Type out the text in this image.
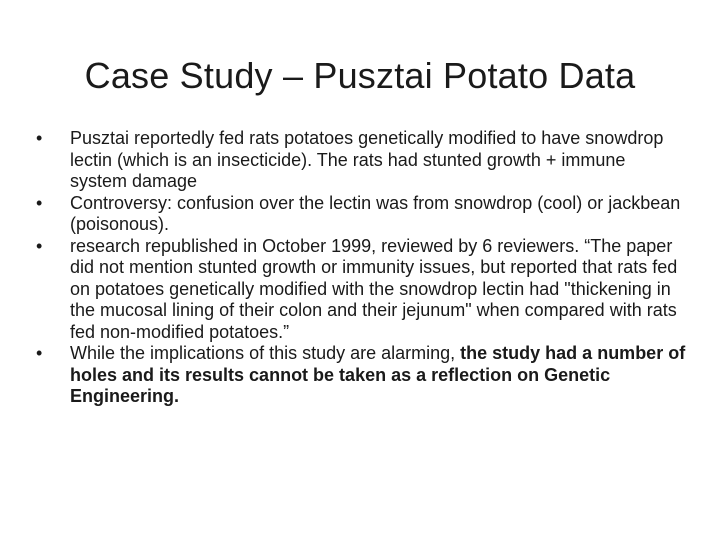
Case Study – Pusztai Potato Data
•	Pusztai reportedly fed rats potatoes genetically modified to have snowdrop lectin (which is an insecticide). The rats had stunted growth + immune system damage
•	Controversy: confusion over the lectin was from snowdrop (cool) or jackbean (poisonous).
•	research republished in October 1999, reviewed by 6 reviewers. “The paper did not mention stunted growth or immunity issues, but reported that rats fed on potatoes genetically modified with the snowdrop lectin had "thickening in the mucosal lining of their colon and their jejunum" when compared with rats fed non-modified potatoes.”
•	While the implications of this study are alarming, the study had a number of holes and its results cannot be taken as a reflection on Genetic Engineering.
